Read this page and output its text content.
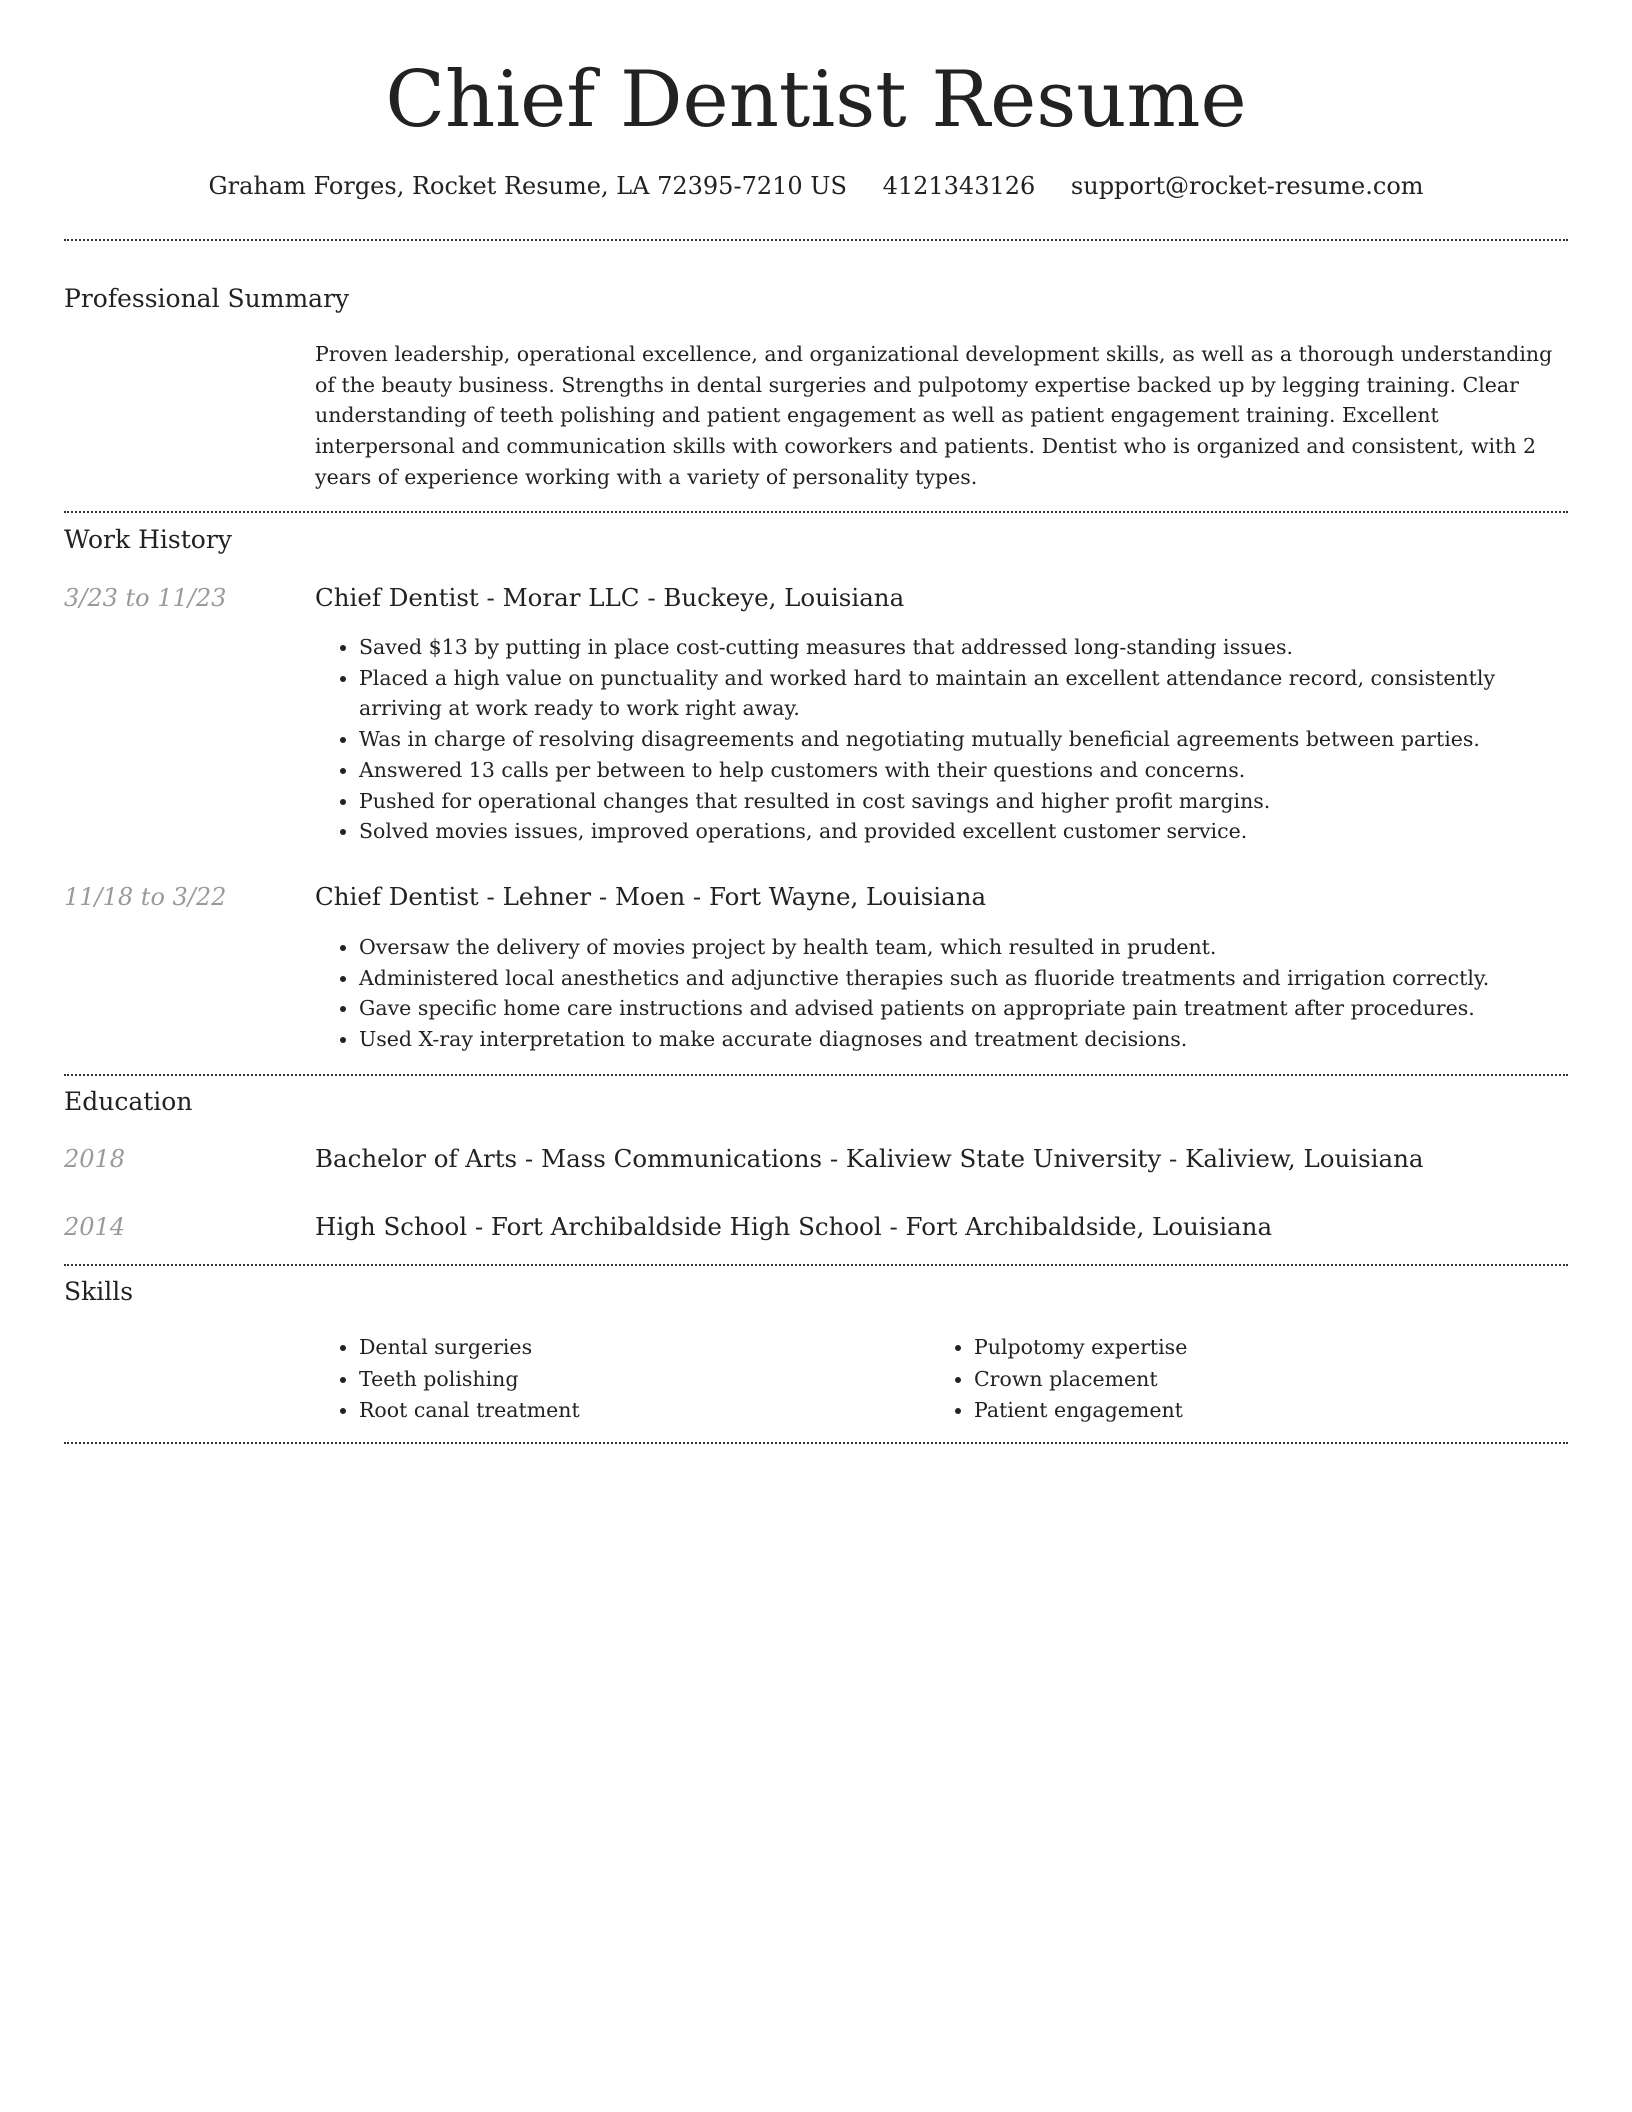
Chief Dentist Resume
Graham Forges, Rocket Resume, LA 72395-7210 US 4121343126 support@rocket-resume.com
Professional Summary
Proven leadership, operational excellence, and organizational development skills, as well as a thorough understanding of the beauty business. Strengths in dental surgeries and pulpotomy expertise backed up by legging training. Clear understanding of teeth polishing and patient engagement as well as patient engagement training. Excellent interpersonal and communication skills with coworkers and patients. Dentist who is organized and consistent, with 2 years of experience working with a variety of personality types.
Work History
3/23 to 11/23	Chief Dentist - Morar LLC - Buckeye, Louisiana
• Saved $13 by putting in place cost-cutting measures that addressed long-standing issues.
• Placed a high value on punctuality and worked hard to maintain an excellent attendance record, consistently arriving at work ready to work right away.
• Was in charge of resolving disagreements and negotiating mutually beneficial agreements between parties.
• Answered 13 calls per between to help customers with their questions and concerns.
• Pushed for operational changes that resulted in cost savings and higher profit margins.
• Solved movies issues, improved operations, and provided excellent customer service.
11/18 to 3/22	Chief Dentist - Lehner - Moen - Fort Wayne, Louisiana
• Oversaw the delivery of movies project by health team, which resulted in prudent.
• Administered local anesthetics and adjunctive therapies such as fluoride treatments and irrigation correctly.
• Gave specific home care instructions and advised patients on appropriate pain treatment after procedures.
• Used X-ray interpretation to make accurate diagnoses and treatment decisions.
Education
2018	Bachelor of Arts - Mass Communications - Kaliview State University - Kaliview, Louisiana
2014	High School - Fort Archibaldside High School - Fort Archibaldside, Louisiana
Skills
• Dental surgeries
• Teeth polishing
• Root canal treatment
• Pulpotomy expertise
• Crown placement
• Patient engagement
